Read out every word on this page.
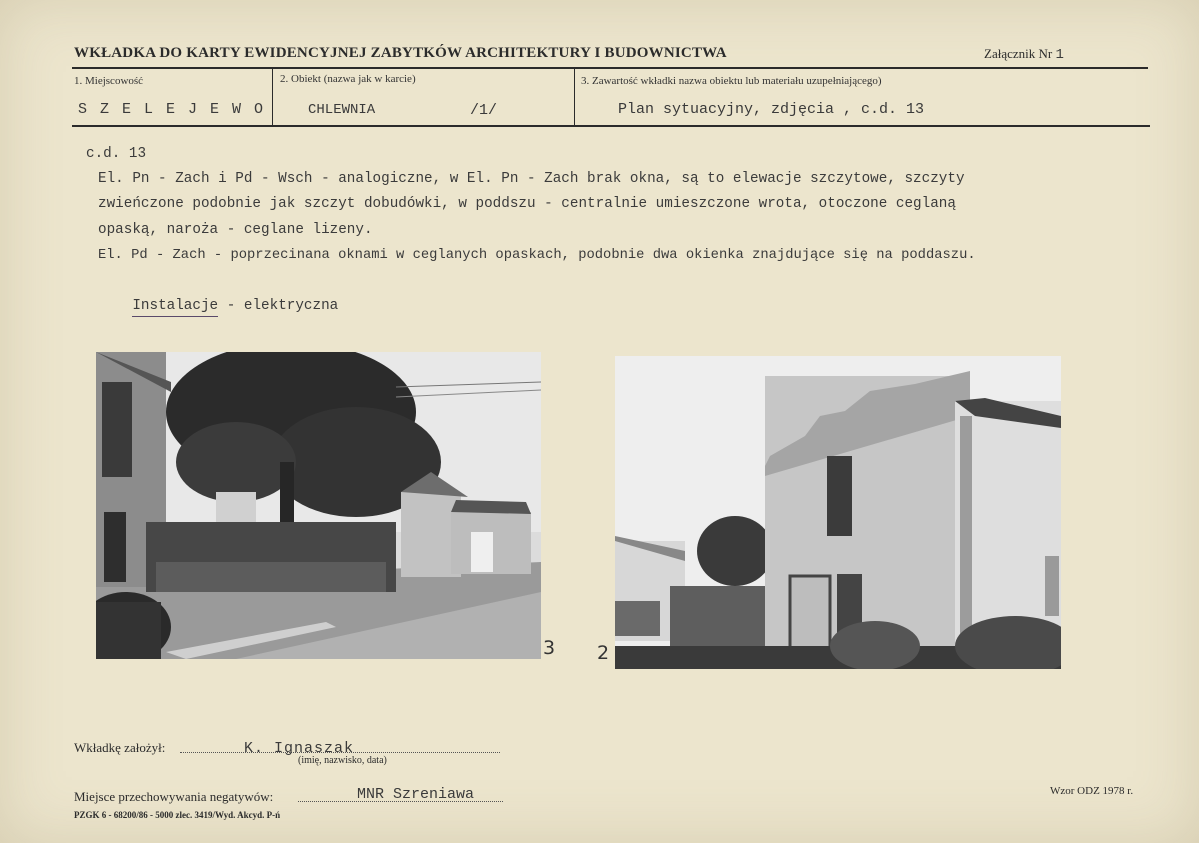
WKŁADKA DO KARTY EWIDENCYJNEJ ZABYTKÓW ARCHITEKTURY I BUDOWNICTWA	Załącznik Nr 1
1. Miejscowość	2. Obiekt (nazwa jak w karcie)	3. Zawartość wkładki nazwa obiektu lub materiału uzupełniającego)
S Z E L E J E W O	CHLEWNIA	/1/	Plan sytuacyjny, zdjęcia , c.d. 13
c.d. 13
El. Pn - Zach i Pd - Wsch - analogiczne, w El. Pn - Zach brak okna, są to elewacje szczytowe, szczyty
zwieńczone podobnie jak szczyt dobudówki, w poddszu - centralnie umieszczone wrota, otoczone ceglaną
opaską, naroża - ceglane lizeny.
El. Pd - Zach - poprzecinana oknami w ceglanych opaskach, podobnie dwa okienka znajdujące się na poddaszu.

Instalacje - elektryczna

3 2
Wkładkę założył:	K. Ignaszak
(imię, nazwisko, data)
Miejsce przechowywania negatywów:	MNR Szreniawa	Wzor ODZ 1978 r.
PZGK 6 - 68200/86 - 5000 zlec. 3419/Wyd. Akcyd. P-ń
